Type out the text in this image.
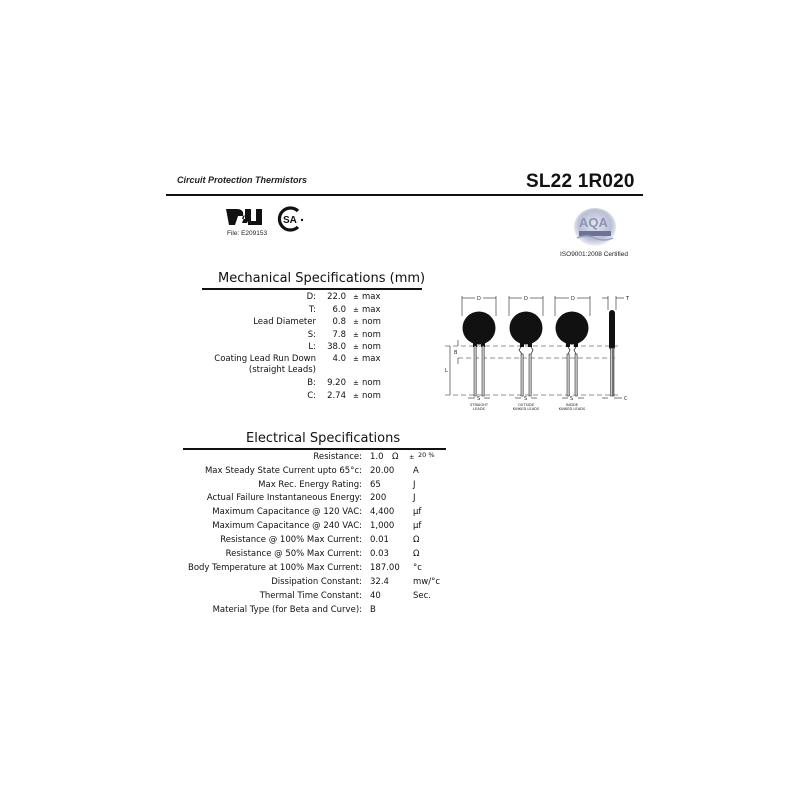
Circuit Protection Thermistors	SL22 1R020
®
File: E209153
SA	AQA
ISO9001:2008 Certified
Mechanical Specifications (mm)
D:	22.0 ± max
T:	6.0 ± max
Lead Diameter	0.8 ± nom
S:	7.8 ± nom
L:	38.0 ± nom
Coating Lead Run Down	4.0 ± max
(straight Leads)
B:	9.20 ± nom
C:	2.74 ± nom
D	D	D	T
B
L
S	S	S	C
STRAIGHT
LEADS
OUTSIDE
KINKED LEADS
INSIDE
KINKED LEADS
Electrical Specifications
Resistance: 1.0 Ω ± 20 %
Max Steady State Current upto 65°c: 20.00 A
Max Rec. Energy Rating: 65	J
Actual Failure Instantaneous Energy: 200	J
Maximum Capacitance @ 120 VAC: 4,400 µf
Maximum Capacitance @ 240 VAC: 1,000 µf
Resistance @ 100% Max Current: 0.01	Ω
Resistance @ 50% Max Current: 0.03	Ω
Body Temperature at 100% Max Current: 187.00 °c
Dissipation Constant: 32.4	mw/°c
Thermal Time Constant: 40	Sec.
Material Type (for Beta and Curve): B
